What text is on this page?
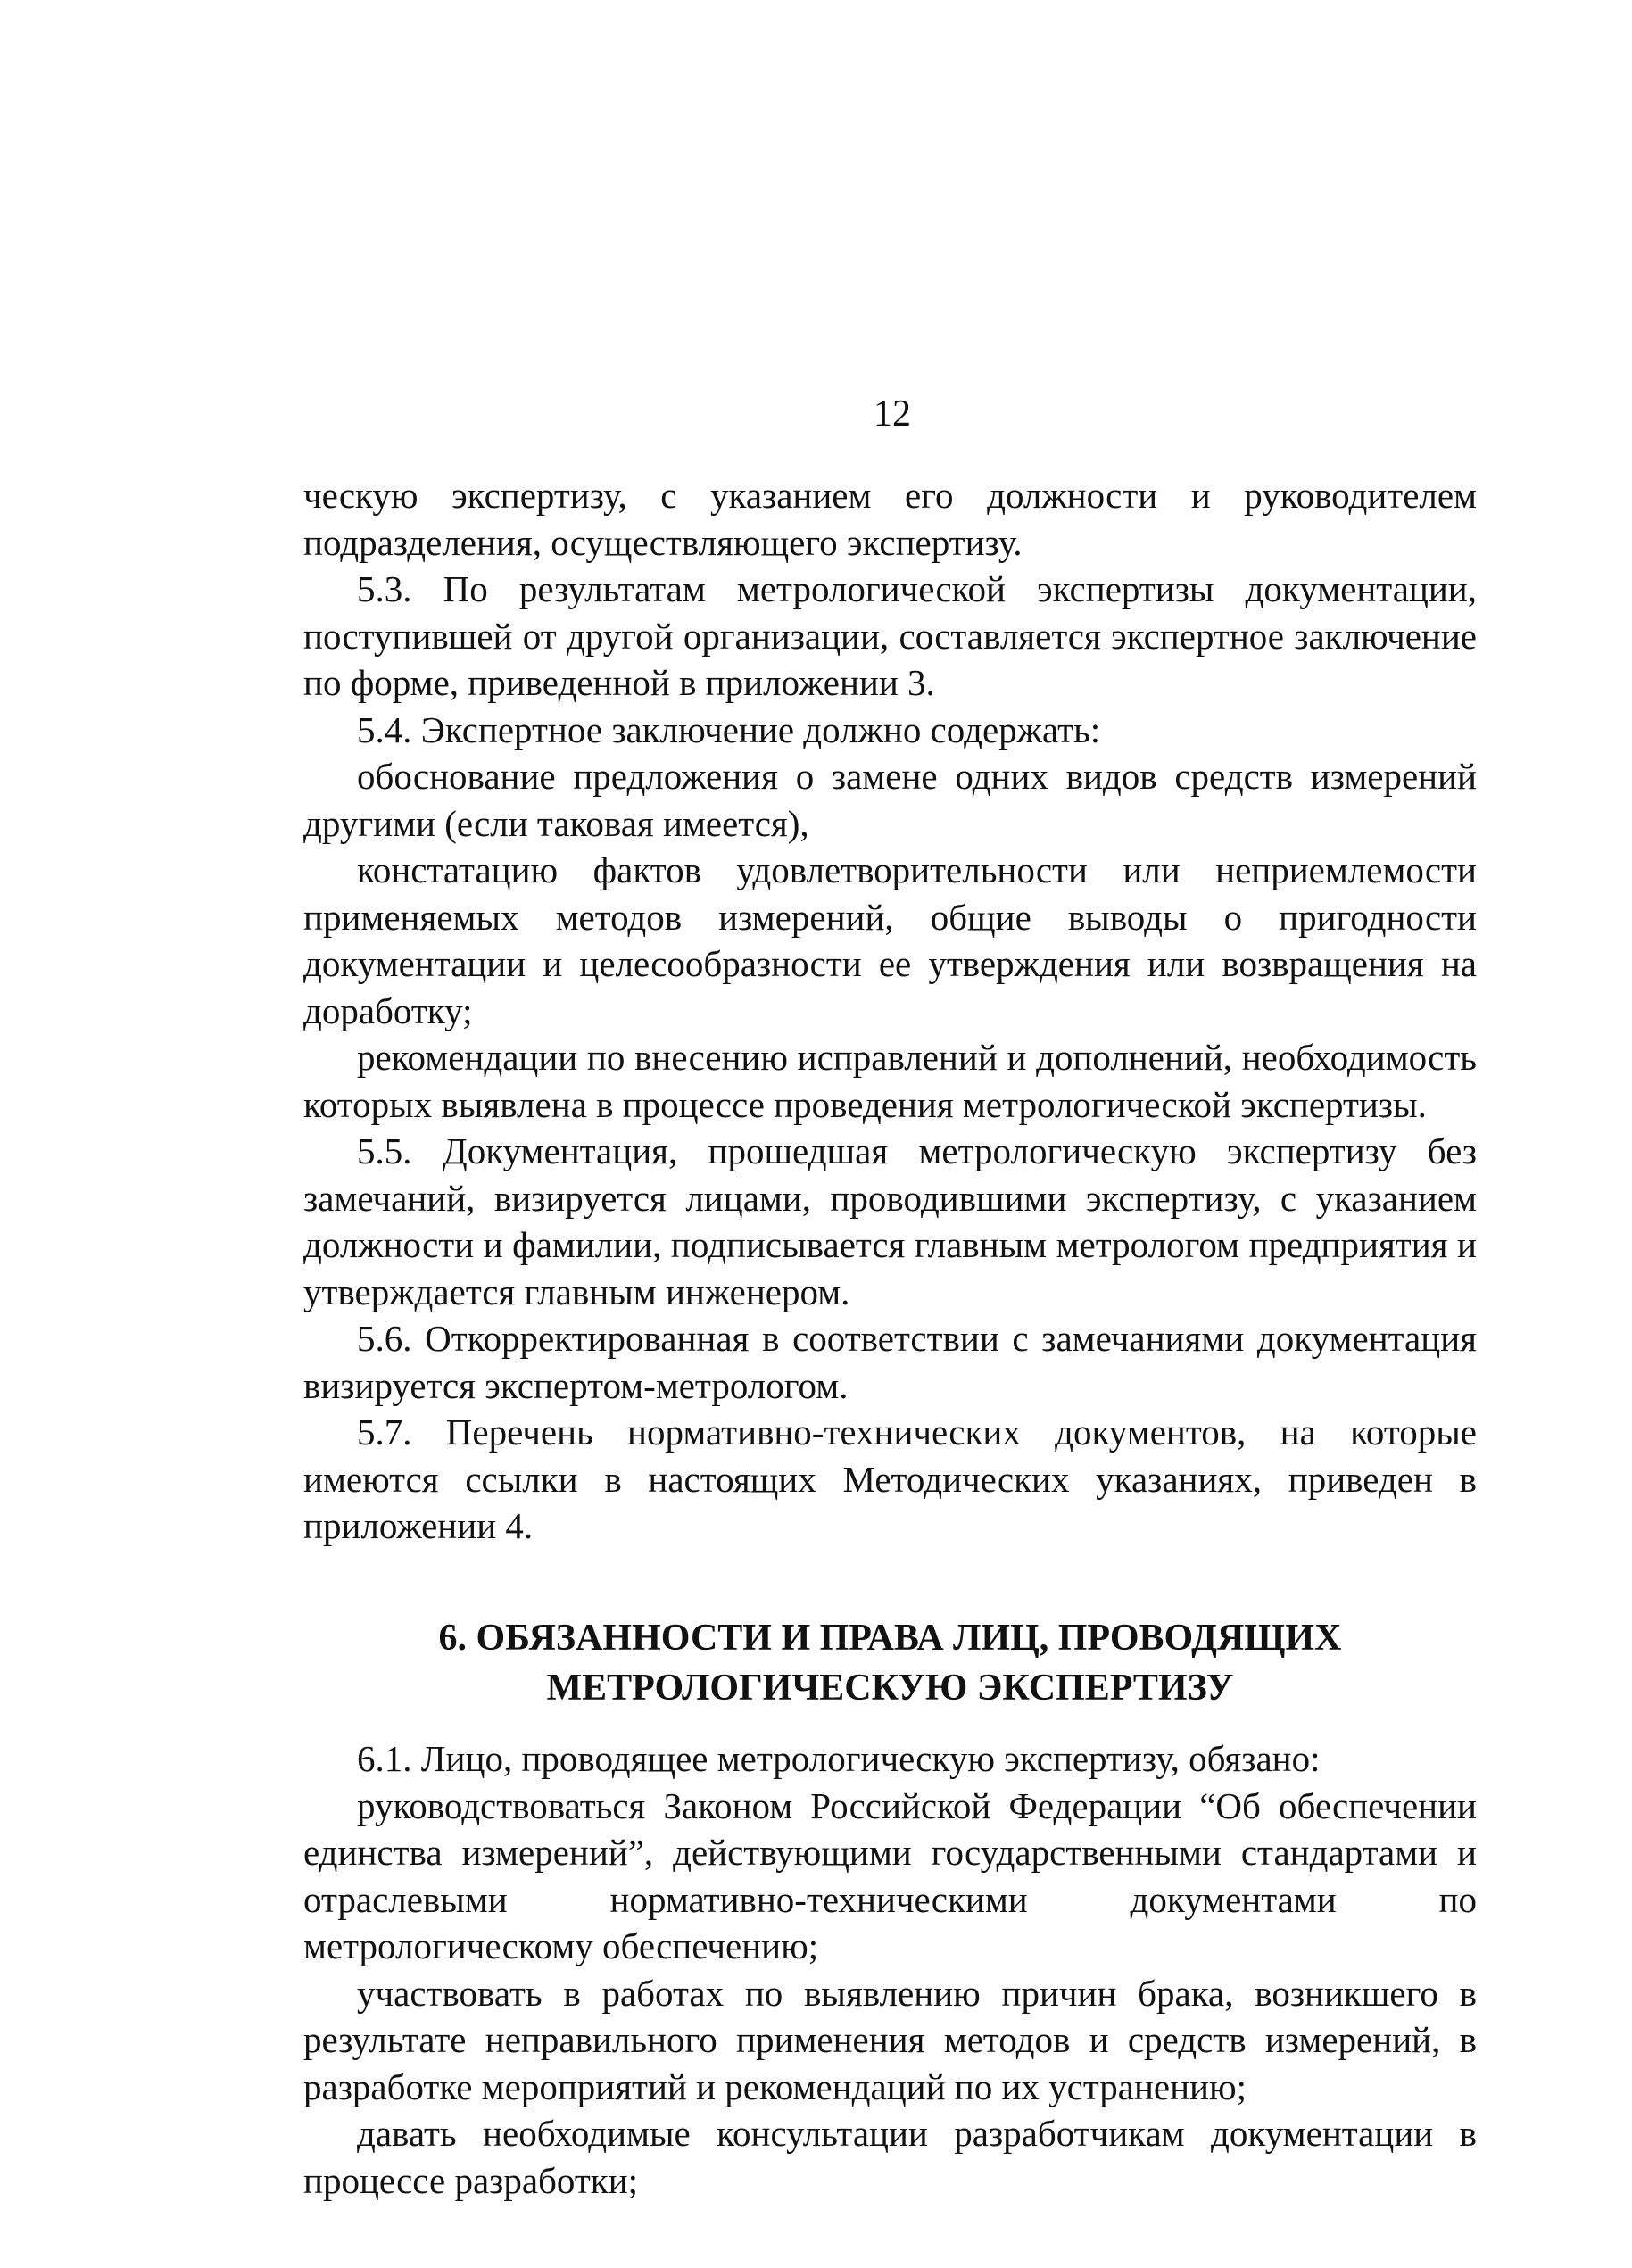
12

ческую экспертизу, с указанием его должности и руководителем подразделения, осуществляющего экспертизу.

5.3. По результатам метрологической экспертизы документации, поступившей от другой организации, составляется экспертное заключение по форме, приведенной в приложении 3.

5.4. Экспертное заключение должно содержать:

обоснование предложения о замене одних видов средств измерений другими (если таковая имеется),

констатацию фактов удовлетворительности или неприемлемости применяемых методов измерений, общие выводы о пригодности документации и целесообразности ее утверждения или возвращения на доработку;

рекомендации по внесению исправлений и дополнений, необходимость которых выявлена в процессе проведения метрологической экспертизы.

5.5. Документация, прошедшая метрологическую экспертизу без замечаний, визируется лицами, проводившими экспертизу, с указанием должности и фамилии, подписывается главным метрологом предприятия и утверждается главным инженером.

5.6. Откорректированная в соответствии с замечаниями документация визируется экспертом-метрологом.

5.7. Перечень нормативно-технических документов, на которые имеются ссылки в настоящих Методических указаниях, приведен в приложении 4.

6. ОБЯЗАННОСТИ И ПРАВА ЛИЦ, ПРОВОДЯЩИХ
МЕТРОЛОГИЧЕСКУЮ ЭКСПЕРТИЗУ

6.1. Лицо, проводящее метрологическую экспертизу, обязано:

руководствоваться Законом Российской Федерации “Об обеспечении единства измерений”, действующими государственными стандартами и отраслевыми нормативно-техническими документами по метрологическому обеспечению;

участвовать в работах по выявлению причин брака, возникшего в результате неправильного применения методов и средств измерений, в разработке мероприятий и рекомендаций по их устранению;

давать необходимые консультации разработчикам документации в процессе разработки;
